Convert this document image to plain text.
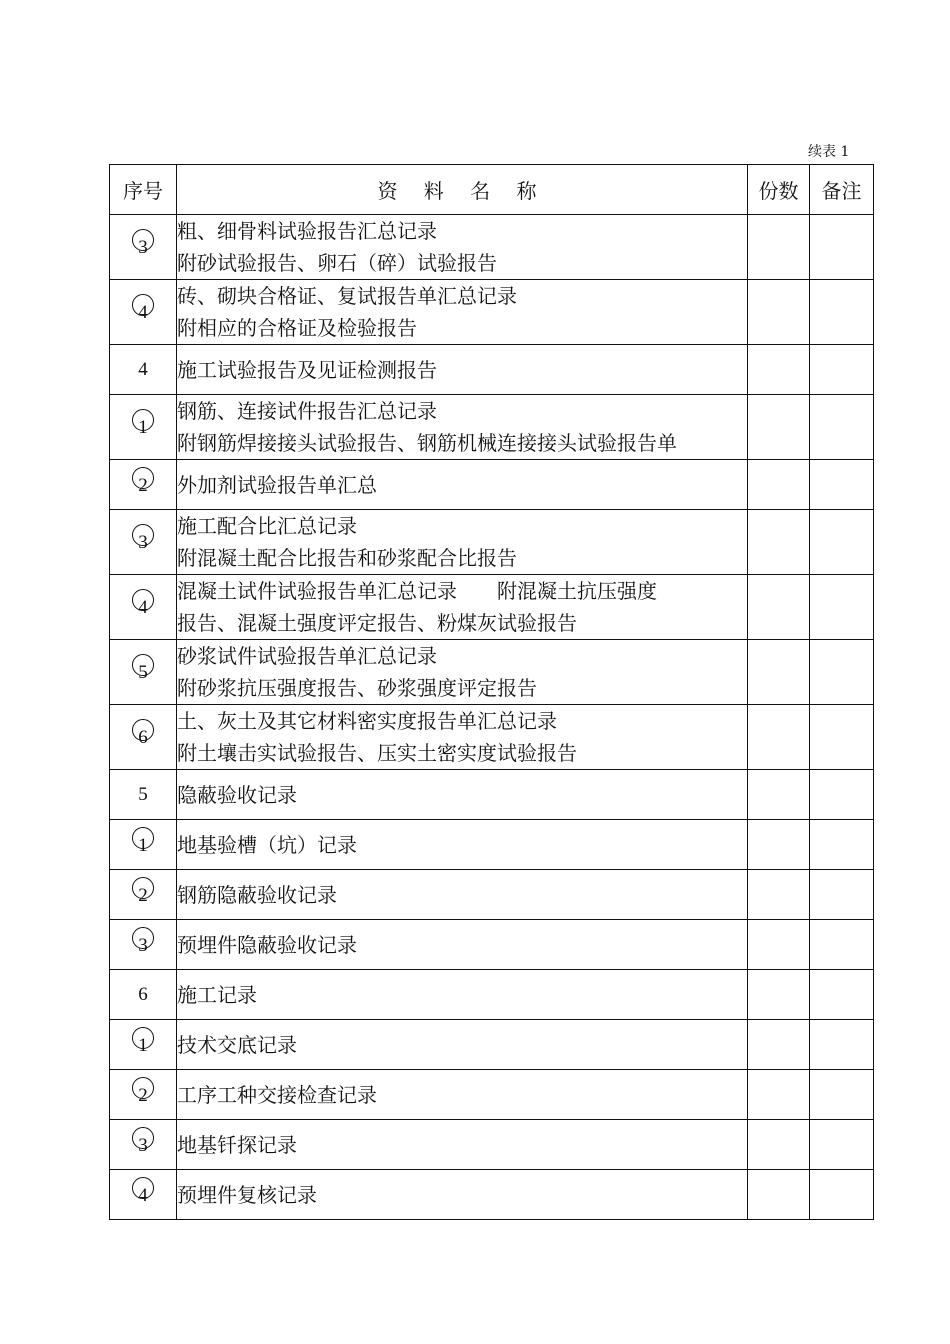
续表 1
序号	资 料 名 称	份数	备注

3	粗、细骨料试验报告汇总记录
附砂试验报告、卵石（碎）试验报告		

4	砖、砌块合格证、复试报告单汇总记录
附相应的合格证及检验报告		

4	施工试验报告及见证检测报告		

1	钢筋、连接试件报告汇总记录
附钢筋焊接接头试验报告、钢筋机械连接接头试验报告单		

2	外加剂试验报告单汇总		

3	施工配合比汇总记录
附混凝土配合比报告和砂浆配合比报告		

4	混凝土试件试验报告单汇总记录　　附混凝土抗压强度
报告、混凝土强度评定报告、粉煤灰试验报告		

5	砂浆试件试验报告单汇总记录
附砂浆抗压强度报告、砂浆强度评定报告		

6	土、灰土及其它材料密实度报告单汇总记录
附土壤击实试验报告、压实土密实度试验报告		

5	隐蔽验收记录		

1	地基验槽（坑）记录		

2	钢筋隐蔽验收记录		

3	预埋件隐蔽验收记录		

6	施工记录		

1	技术交底记录		

2	工序工种交接检查记录		

3	地基钎探记录		

4	预埋件复核记录		
